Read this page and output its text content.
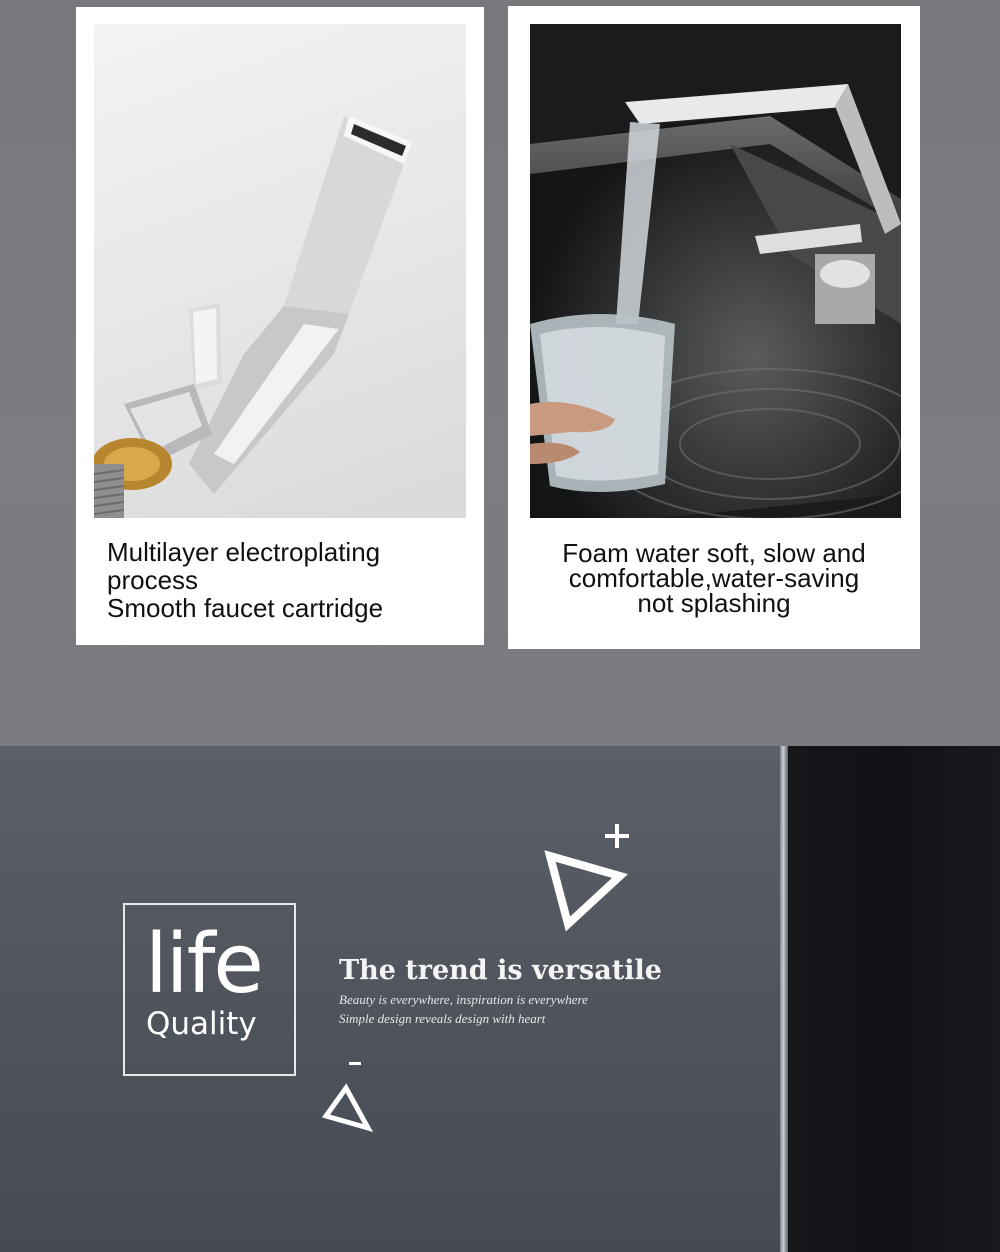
Multilayer electroplating
process
Smooth faucet cartridge
Foam water soft, slow and
comfortable,water-saving
not splashing
life
Quality
The trend is versatile
Beauty is everywhere, inspiration is everywhere
Simple design reveals design with heart
